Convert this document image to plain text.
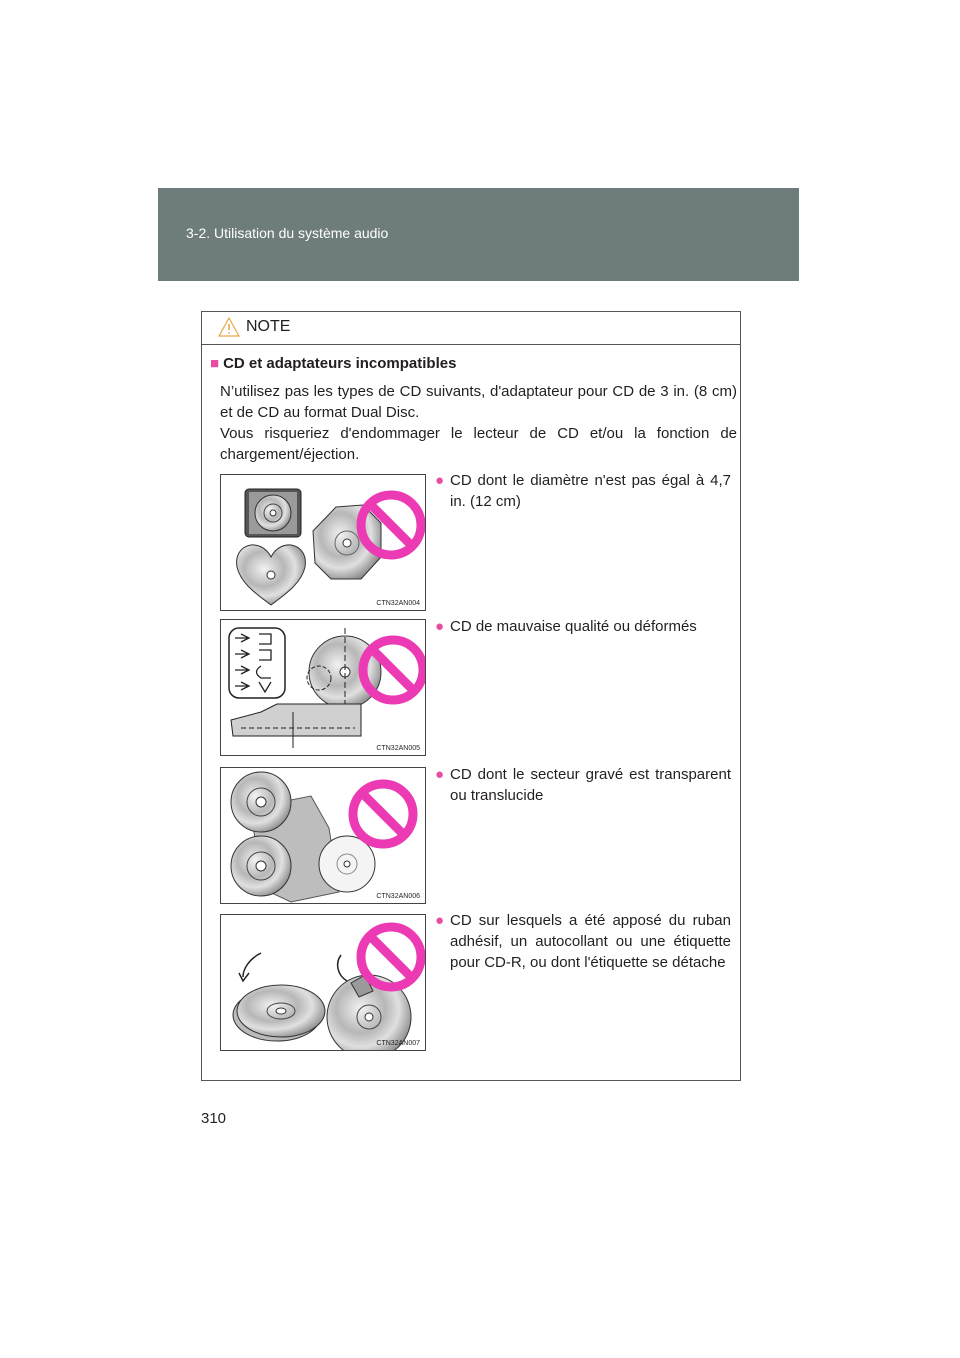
3-2. Utilisation du système audio
NOTE
■ CD et adaptateurs incompatibles

N’utilisez pas les types de CD suivants, d'adaptateur pour CD de 3 in. (8 cm) et de CD au format Dual Disc.

Vous risqueriez d'endommager le lecteur de CD et/ou la fonction de chargement/éjection.

CTN32AN004
● CD dont le diamètre n'est pas égal à 4,7 in. (12 cm)
CTN32AN005
● CD de mauvaise qualité ou déformés
CTN32AN006
● CD dont le secteur gravé est transparent ou translucide
CTN32AN007
● CD sur lesquels a été apposé du ruban adhésif, un autocollant ou une étiquette pour CD-R, ou dont l'étiquette se détache
310
